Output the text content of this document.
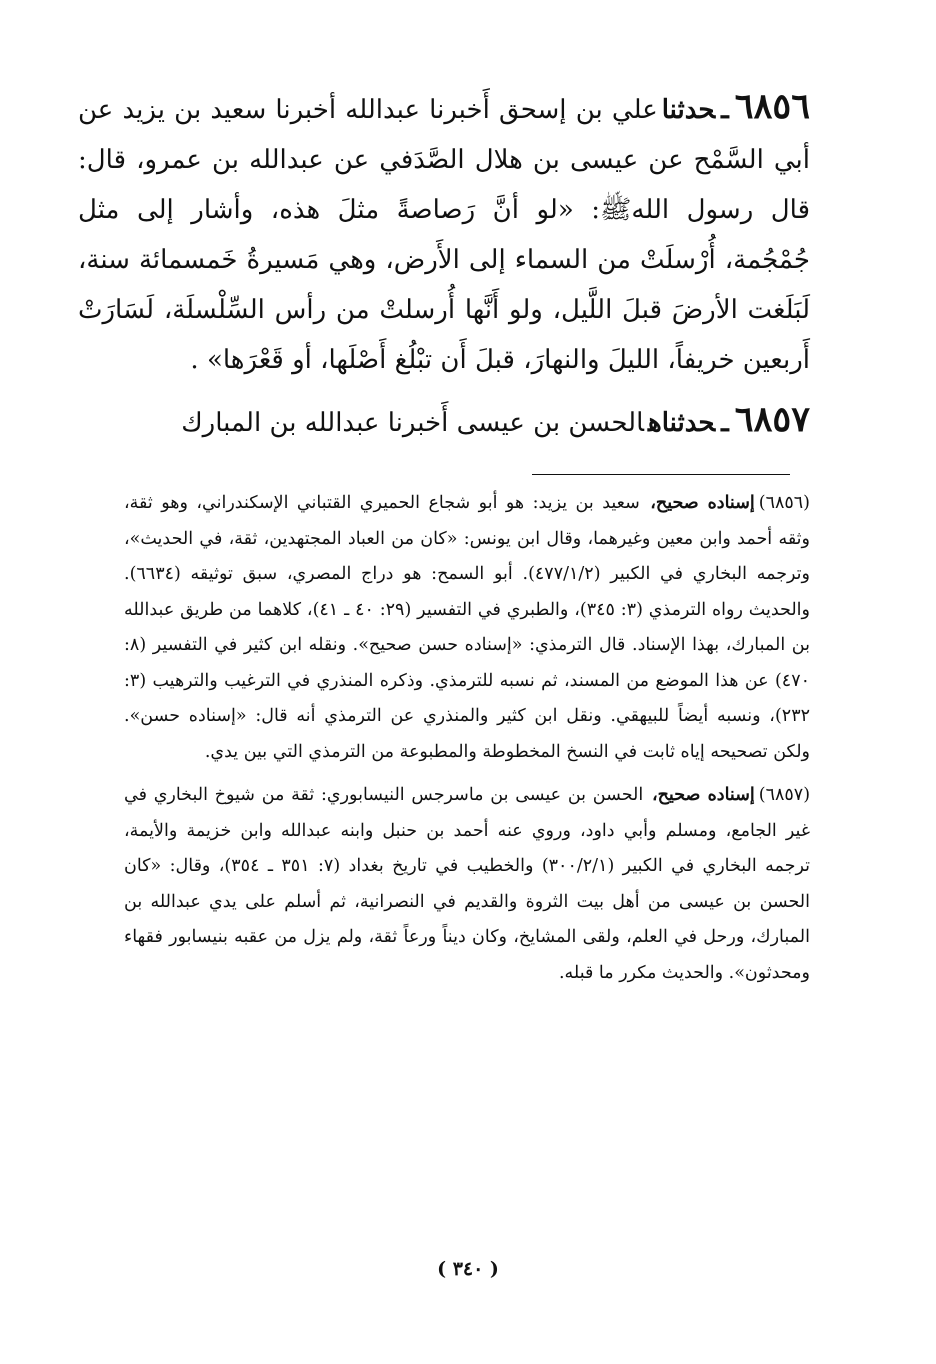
٦٨٥٦ـحدثناعلي بن إسحق أَخبرنا عبدالله أخبرنا سعيد بن يزيد عن أبي السَّمْح عن عيسى بن هلال الصَّدَفي عن عبدالله بن عمرو، قال: قال رسول اللهﷺ: «لو أنَّ رَصاصةً مثلَ هذه، وأشار إلى مثل جُمْجُمة، أُرْسلَتْ من السماء إلى الأَرض، وهي مَسيرةُ خَمسمائة سنة، لَبَلَغت الأرضَ قبلَ اللَّيل، ولو أَنَّها أُرسلتْ من رأس السِّلْسلَة، لَسَارَتْ أَربعين خريفاً، الليلَ والنهارَ، قبلَ أَن تبْلُغ أَصْلَها، أو قَعْرَها» .

٦٨٥٧ـحدثناهالحسن بن عيسى أَخبرنا عبدالله بن المبارك

(٦٨٥٦)إسناده صحيح، سعيد بن يزيد: هو أبو شجاع الحميري القتباني الإسكندراني، وهو ثقة، وثقه أحمد وابن معين وغيرهما، وقال ابن يونس: «كان من العباد المجتهدين، ثقة، في الحديث»، وترجمه البخاري في الكبير (٤٧٧/١/٢). أبو السمح: هو دراج المصري، سبق توثيقه (٦٦٣٤). والحديث رواه الترمذي (٣: ٣٤٥)، والطبري في التفسير (٢٩: ٤٠ ـ ٤١)، كلاهما من طريق عبدالله بن المبارك، بهذا الإسناد. قال الترمذي: «إسناده حسن صحيح». ونقله ابن كثير في التفسير (٨: ٤٧٠) عن هذا الموضع من المسند، ثم نسبه للترمذي. وذكره المنذري في الترغيب والترهيب (٣: ٢٣٢)، ونسبه أيضاً للبيهقي. ونقل ابن كثير والمنذري عن الترمذي أنه قال: «إسناده حسن». ولكن تصحيحه إياه ثابت في النسخ المخطوطة والمطبوعة من الترمذي التي بين يدي.

(٦٨٥٧)إسناده صحيح، الحسن بن عيسى بن ماسرجس النيسابوري: ثقة من شيوخ البخاري في غير الجامع، ومسلم وأبي داود، وروي عنه أحمد بن حنبل وابنه عبدالله وابن خزيمة والأيمة، ترجمه البخاري في الكبير (٣٠٠/٢/١) والخطيب في تاريخ بغداد (٧: ٣٥١ ـ ٣٥٤)، وقال: «كان الحسن بن عيسى من أهل بيت الثروة والقديم في النصرانية، ثم أسلم على يدي عبدالله بن المبارك، ورحل في العلم، ولقى المشايخ، وكان ديناً ورعاً ثقة، ولم يزل من عقبه بنيسابور فقهاء ومحدثون». والحديث مكرر ما قبله.

( ٣٤٠ )
